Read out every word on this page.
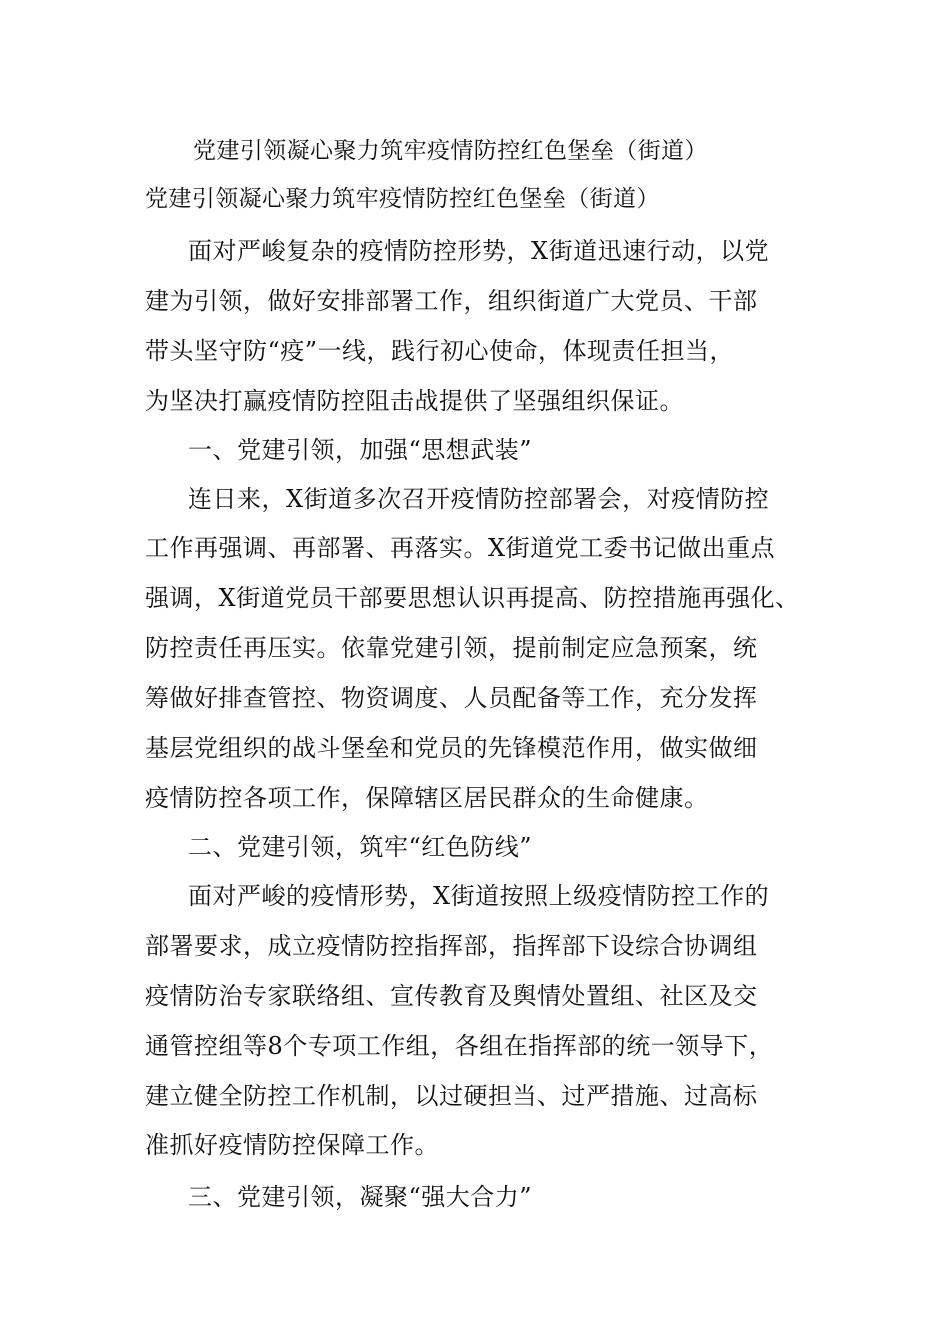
党建引领凝心聚力筑牢疫情防控红色堡垒（街道）
党建引领凝心聚力筑牢疫情防控红色堡垒（街道）
面对严峻复杂的疫情防控形势，X街道迅速行动，以党
建为引领，做好安排部署工作，组织街道广大党员、干部
带头坚守防“疫”一线，践行初心使命，体现责任担当，
为坚决打赢疫情防控阻击战提供了坚强组织保证。
一、党建引领，加强“思想武装”
连日来，X街道多次召开疫情防控部署会，对疫情防控
工作再强调、再部署、再落实。X街道党工委书记做出重点
强调，X街道党员干部要思想认识再提高、防控措施再强化、
防控责任再压实。依靠党建引领，提前制定应急预案，统
筹做好排查管控、物资调度、人员配备等工作，充分发挥
基层党组织的战斗堡垒和党员的先锋模范作用，做实做细
疫情防控各项工作，保障辖区居民群众的生命健康。
二、党建引领，筑牢“红色防线”
面对严峻的疫情形势，X街道按照上级疫情防控工作的
部署要求，成立疫情防控指挥部，指挥部下设综合协调组
疫情防治专家联络组、宣传教育及舆情处置组、社区及交
通管控组等8个专项工作组，各组在指挥部的统一领导下，
建立健全防控工作机制，以过硬担当、过严措施、过高标
准抓好疫情防控保障工作。
三、党建引领，凝聚“强大合力”
